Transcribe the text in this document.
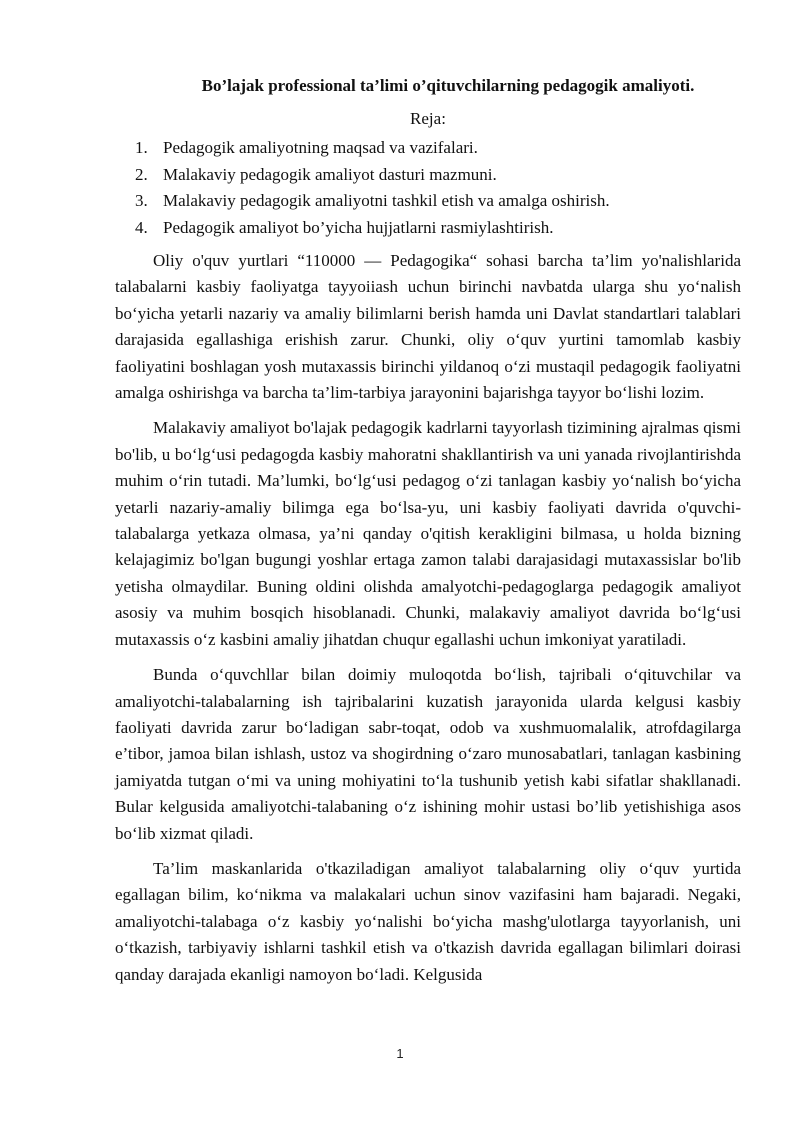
Bo’lajak professional ta’limi o’qituvchilarning pedagogik amaliyoti.
Reja:
1. Pedagogik amaliyotning maqsad va vazifalari.
2. Malakaviy pedagogik amaliyot dasturi mazmuni.
3. Malakaviy pedagogik amaliyotni tashkil etish va amalga oshirish.
4. Pedagogik amaliyot bo’yicha hujjatlarni rasmiylashtirish.

Oliy o'quv yurtlari “110000 — Pedagogika“ sohasi barcha ta’lim yo'nalishlarida talabalarni kasbiy faoliyatga tayyoiiash uchun birinchi navbatda ularga shu yo‘nalish bo‘yicha yetarli nazariy va amaliy bilimlarni berish hamda uni Davlat standartlari talablari darajasida egallashiga erishish zarur. Chunki, oliy o‘quv yurtini tamomlab kasbiy faoliyatini boshlagan yosh mutaxassis birinchi yildanoq o‘zi mustaqil pedagogik faoliyatni amalga oshirishga va barcha ta’lim-tarbiya jarayonini bajarishga tayyor bo‘lishi lozim.

Malakaviy amaliyot bo'lajak pedagogik kadrlarni tayyorlash tizimining ajralmas qismi bo'lib, u bo‘lg‘usi pedagogda kasbiy mahoratni shakllantirish va uni yanada rivojlantirishda muhim o‘rin tutadi. Ma’lumki, bo‘lg‘usi pedagog o‘zi tanlagan kasbiy yo‘nalish bo‘yicha yetarli nazariy-amaliy bilimga ega bo‘lsa-yu, uni kasbiy faoliyati davrida o'quvchi-talabalarga yetkaza olmasa, ya’ni qanday o'qitish kerakligini bilmasa, u holda bizning kelajagimiz bo'lgan bugungi yoshlar ertaga zamon talabi darajasidagi mutaxassislar bo'lib yetisha olmaydilar. Buning oldini olishda amalyotchi-pedagoglarga pedagogik amaliyot asosiy va muhim bosqich hisoblanadi. Chunki, malakaviy amaliyot davrida bo‘lg‘usi mutaxassis o‘z kasbini amaliy jihatdan chuqur egallashi uchun imkoniyat yaratiladi.

Bunda o‘quvchllar bilan doimiy muloqotda bo‘lish, tajribali o‘qituvchilar va amaliyotchi-talabalarning ish tajribalarini kuzatish jarayonida ularda kelgusi kasbiy faoliyati davrida zarur bo‘ladigan sabr-toqat, odob va xushmuomalalik, atrofdagilarga e’tibor, jamoa bilan ishlash, ustoz va shogirdning o‘zaro munosabatlari, tanlagan kasbining jamiyatda tutgan o‘mi va uning mohiyatini to‘la tushunib yetish kabi sifatlar shakllanadi. Bular kelgusida amaliyotchi-talabaning o‘z ishining mohir ustasi bo’lib yetishishiga asos bo‘lib xizmat qiladi.

Ta’lim maskanlarida o'tkaziladigan amaliyot talabalarning oliy o‘quv yurtida egallagan bilim, ko‘nikma va malakalari uchun sinov vazifasini ham bajaradi. Negaki, amaliyotchi-talabaga o‘z kasbiy yo‘nalishi bo‘yicha mashg'ulotlarga tayyorlanish, uni o‘tkazish, tarbiyaviy ishlarni tashkil etish va o'tkazish davrida egallagan bilimlari doirasi qanday darajada ekanligi namoyon bo‘ladi. Kelgusida

1
